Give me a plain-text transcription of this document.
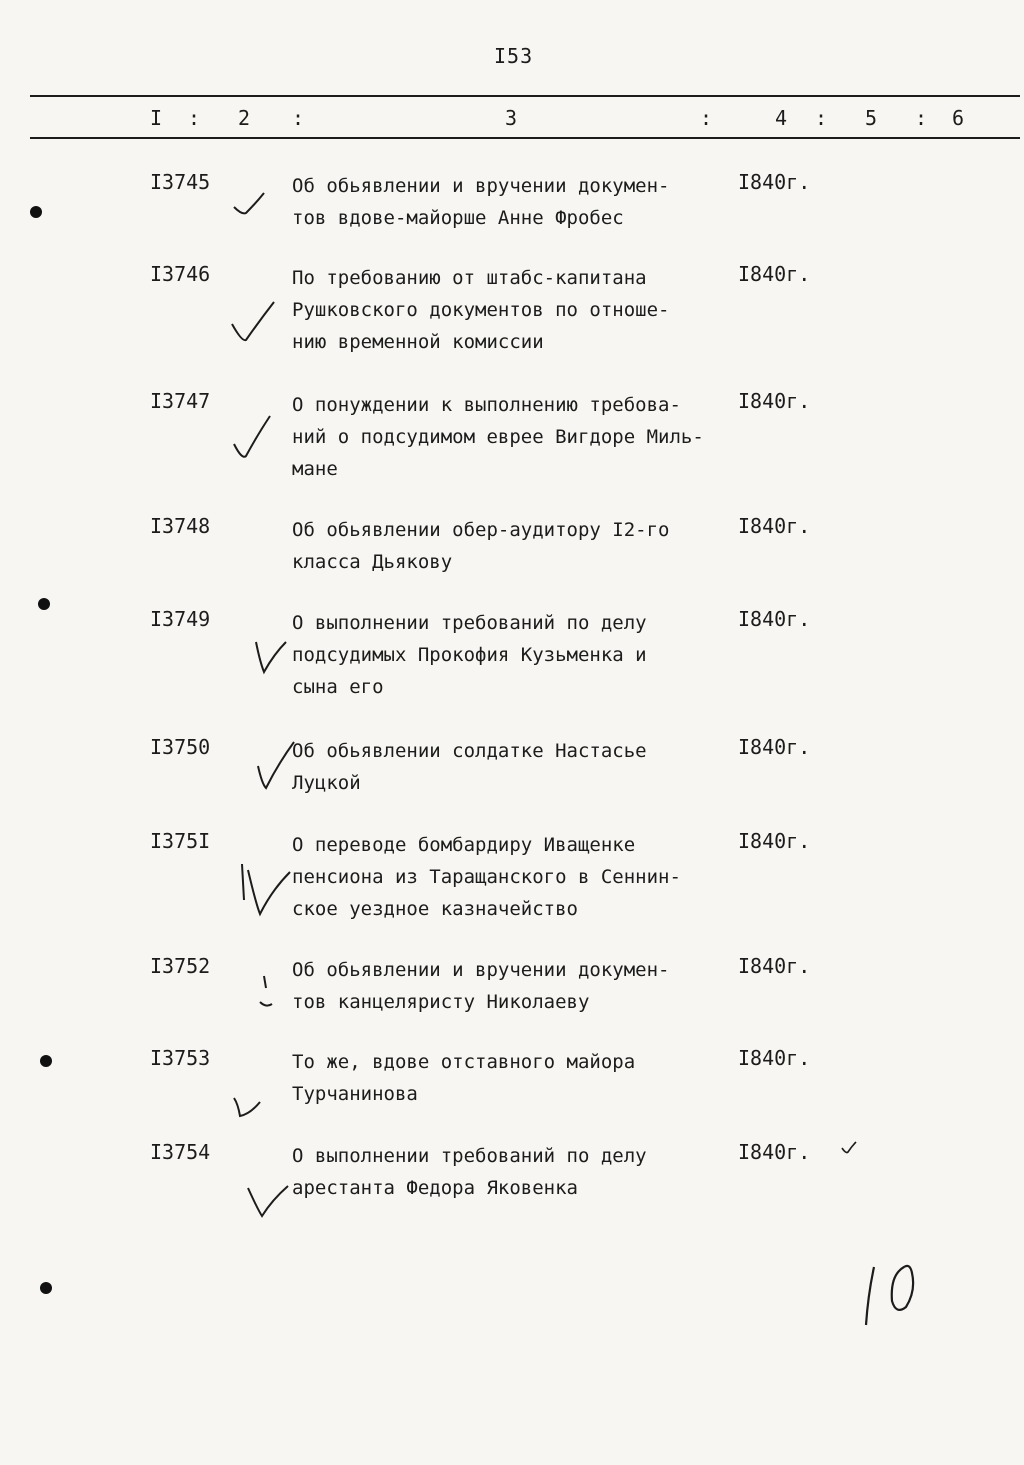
I53
I : 2 :	3	:	4 : 5 : 6
I3745	Об обьявлении и вручении докумен-
тов вдове-майорше Анне Фробес
I840г.
I3746	По требованию от штабс-капитана
Рушковского документов по отноше-
нию временной комиссии
I840г.
I3747	О понуждении к выполнению требова-
ний о подсудимом еврее Вигдоре Миль-
мане
I840г.
I3748	Об обьявлении обер-аудитору I2-го
класса Дьякову
I840г.
I3749	О выполнении требований по делу
подсудимых Прокофия Кузьменка и
сына его
I840г.
I3750	Об обьявлении солдатке Настасье
Луцкой
I840г.
I375I	О переводе бомбардиру Иващенке
пенсиона из Таращанского в Сеннин-
ское уездное казначейство
I840г.
I3752	Об обьявлении и вручении докумен-
тов канцеляристу Николаеву
I840г.
I3753	То же, вдове отставного майора
Турчанинова
I840г.
I3754	О выполнении требований по делу
арестанта Федора Яковенка
I840г.
